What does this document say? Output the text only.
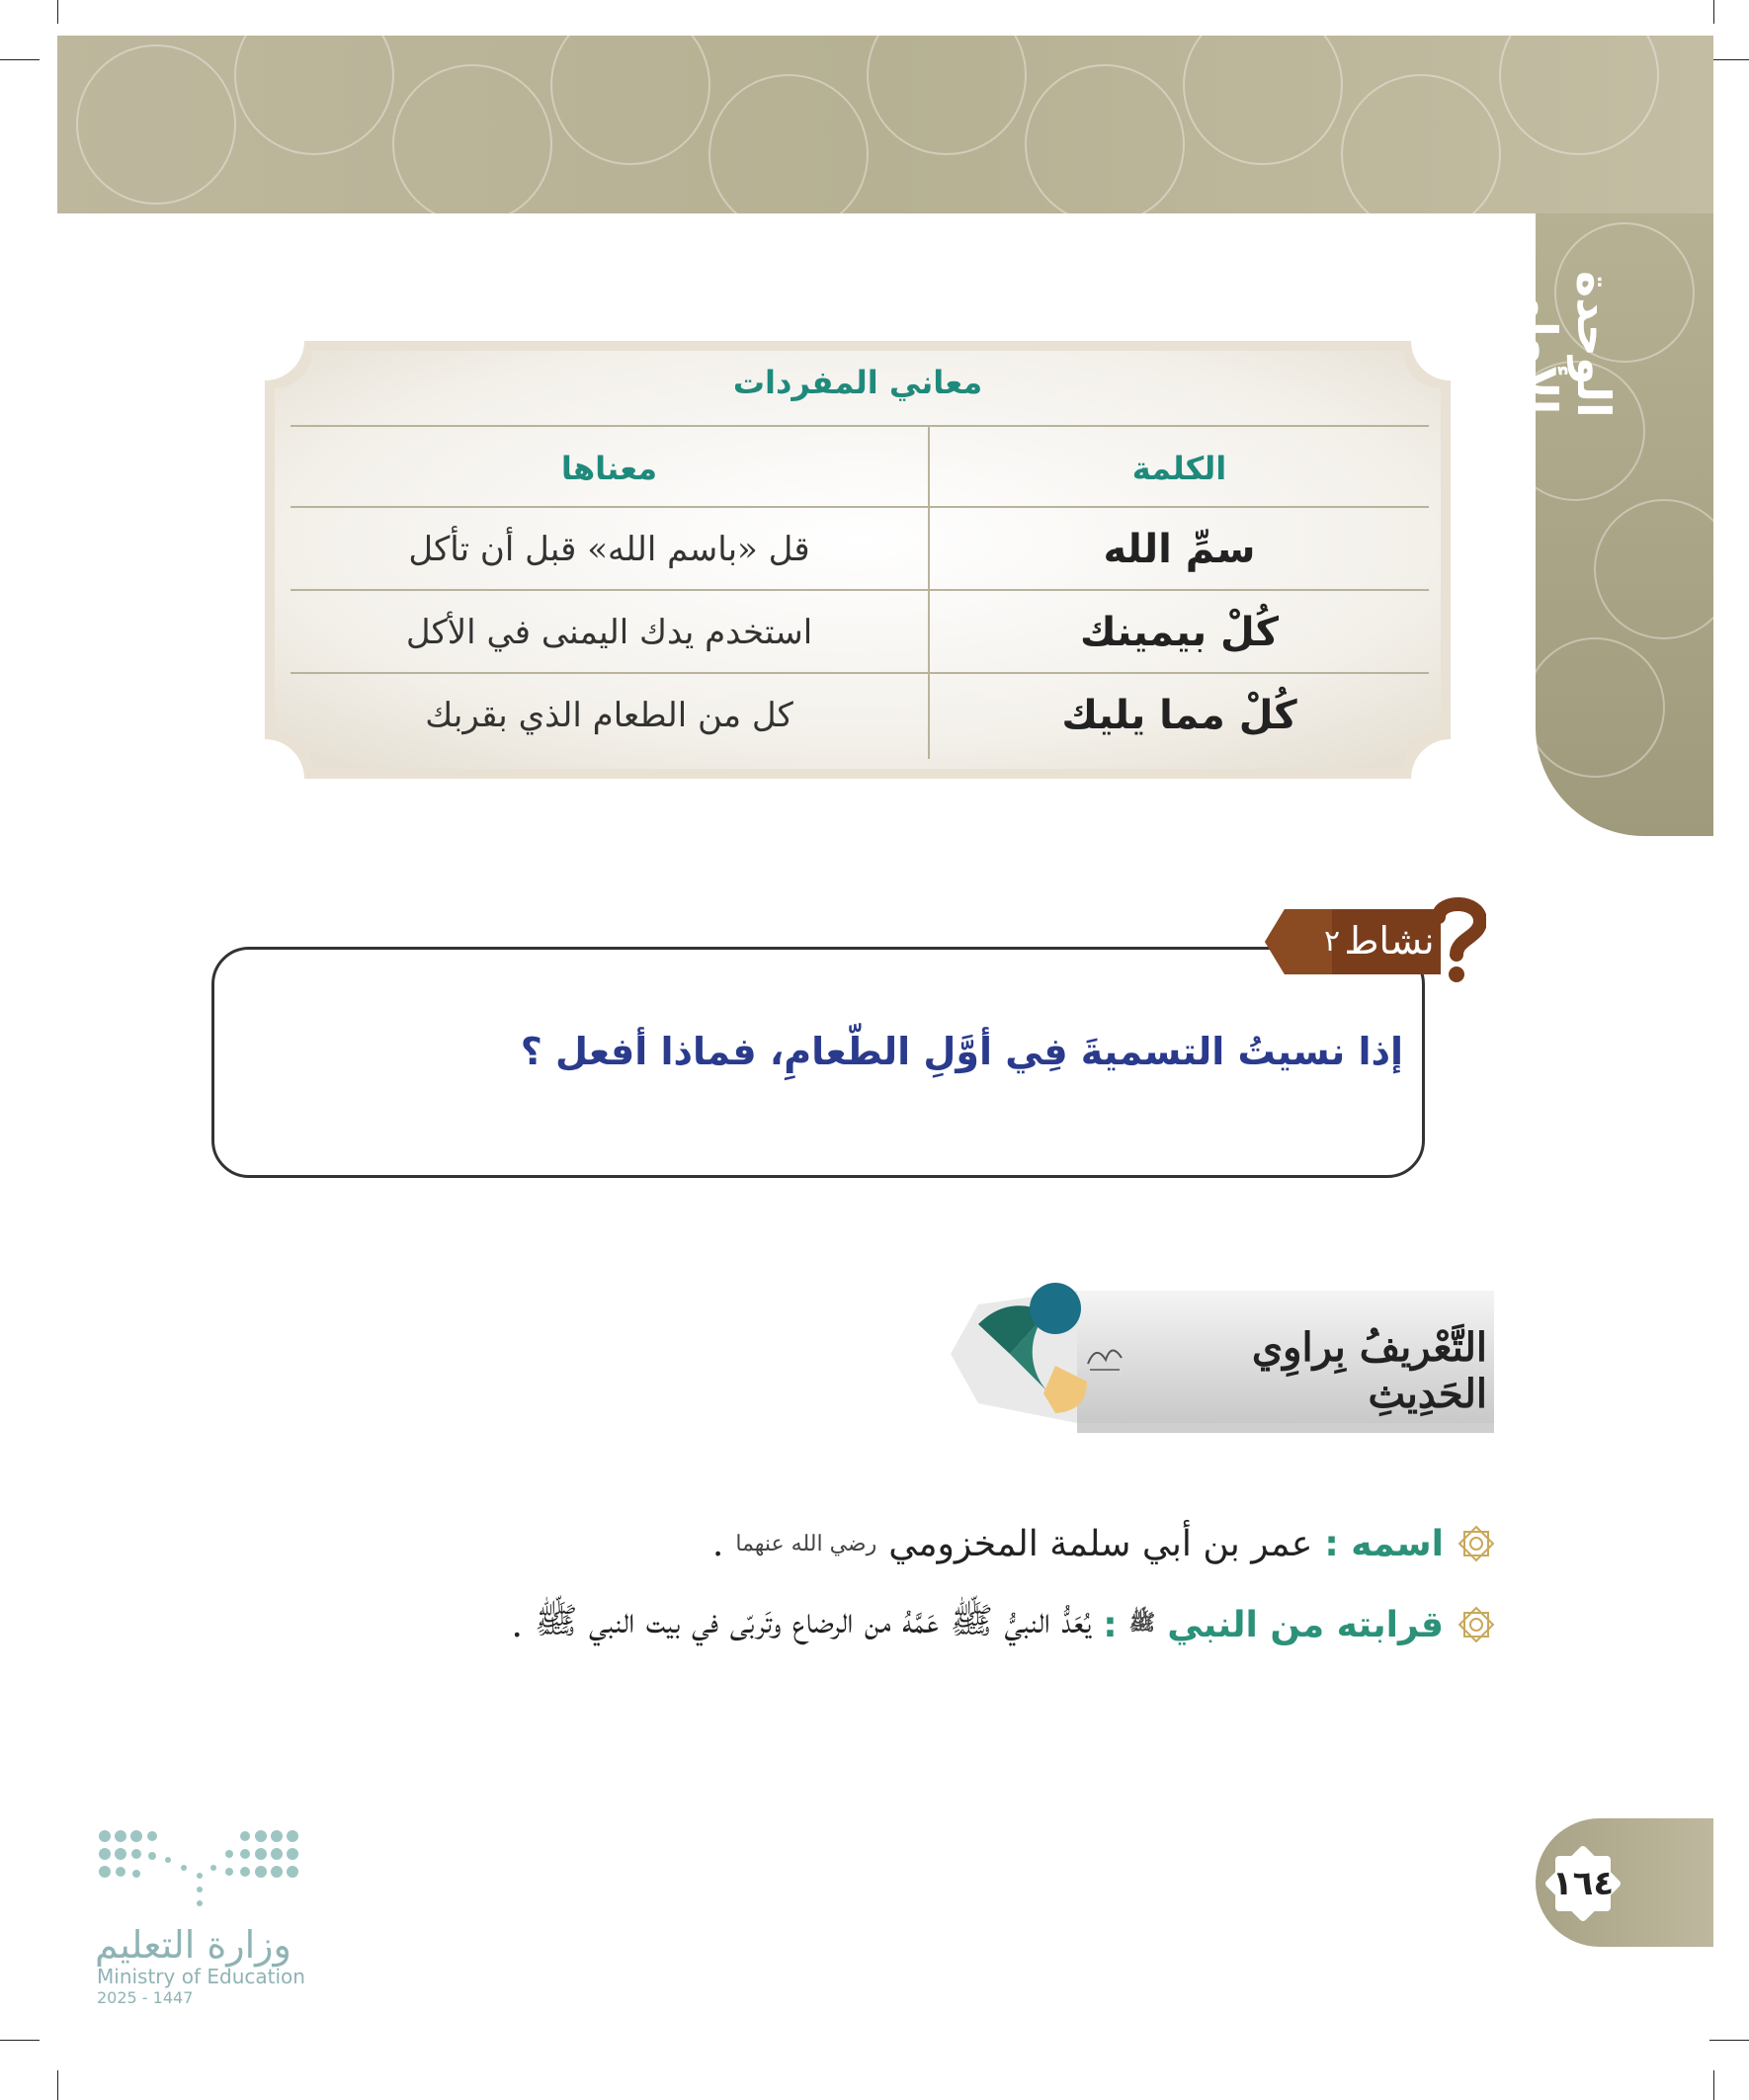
الوحدة الأولى
معاني المفردات
الكلمة
معناها
سمِّ الله
قل «باسم الله» قبل أن تأكل
كُلْ بيمينك
استخدم يدك اليمنى في الأكل
كُلْ مما يليك
كل من الطعام الذي بقربك
نشاط
٢
إذا نسيتُ التسميةَ فِي أوَّلِ الطّعامِ، فماذا أفعل ؟
التَّعْريفُ بِراوِي الحَدِيثِ
اسمه :
عمر بن أبي سلمة المخزومي
رضي الله عنهما
.
قرابته من النبي
ﷺ
:
يُعَدُّ النبيُّ ﷺ عَمَّهُ من الرضاع وتَربّى في بيت النبي ﷺ
.
١٦٤
وزارة التعليم
Ministry of Education
2025 - 1447
